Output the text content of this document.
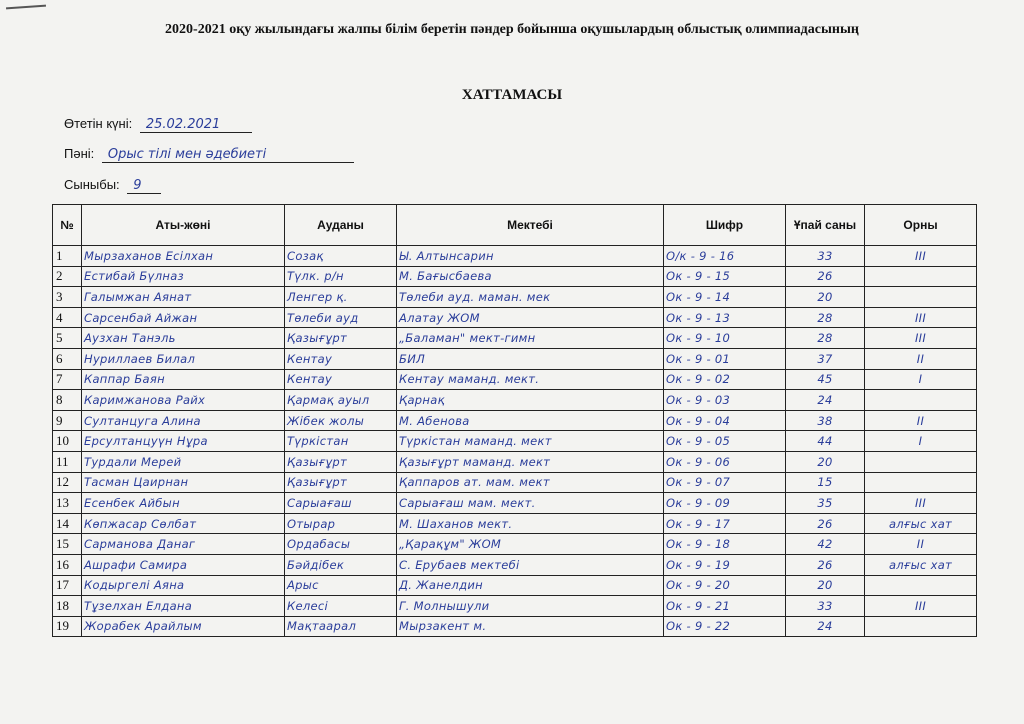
2020-2021 оқу жылындағы жалпы білім беретін пәндер бойынша оқушылардың облыстық олимпиадасының
ХАТТАМАСЫ
Өтетін күні: 25.02.2021
Пәні: Орыс тілі мен әдебиеті
Сыныбы: 9
№	Аты-жөні	Ауданы	Мектебі	Шифр	Ұпай саны	Орны
1	Мырзаханов Есілхан	Созақ	Ы. Алтынсарин	О/к - 9 - 16	33	III
2	Естибай Бүлназ	Түлк. р/н	М. Бағысбаева	Ок - 9 - 15	26	
3	Галымжан Аянат	Ленгер қ.	Төлеби ауд. маман. мек	Ок - 9 - 14	20	
4	Сарсенбай Айжан	Төлеби ауд	Алатау ЖОМ	Ок - 9 - 13	28	III
5	Аузхан Танэль	Қазығұрт	„Баламан" мект-гимн	Ок - 9 - 10	28	III
6	Нуриллаев Билал	Кентау	БИЛ	Ок - 9 - 01	37	II
7	Каппар Баян	Кентау	Кентау маманд. мект.	Ок - 9 - 02	45	I
8	Каримжанова Райх	Қармақ ауыл	Қарнақ	Ок - 9 - 03	24	
9	Султанцуга Алина	Жібек жолы	М. Абенова	Ок - 9 - 04	38	II
10	Ерсултанцуүн Нұра	Түркістан	Түркістан маманд. мект	Ок - 9 - 05	44	I
11	Турдали Мерей	Қазығұрт	Қазығұрт маманд. мект	Ок - 9 - 06	20	
12	Тасман Цаирнан	Қазығұрт	Қаппаров ат. мам. мект	Ок - 9 - 07	15	
13	Есенбек Айбын	Сарыағаш	Сарыағаш мам. мект.	Ок - 9 - 09	35	III
14	Көпжасар Сөлбат	Отырар	М. Шаханов мект.	Ок - 9 - 17	26	алғыс хат
15	Сарманова Данаг	Ордабасы	„Қарақұм" ЖОМ	Ок - 9 - 18	42	II
16	Ашрафи Самира	Бәйдібек	С. Ерубаев мектебі	Ок - 9 - 19	26	алғыс хат
17	Кодыргелі Аяна	Арыс	Д. Жанелдин	Ок - 9 - 20	20	
18	Тұзелхан Елдана	Келесі	Г. Молнышули	Ок - 9 - 21	33	III
19	Жорабек Арайлым	Мақтаарал	Мырзакент м.	Ок - 9 - 22	24	
